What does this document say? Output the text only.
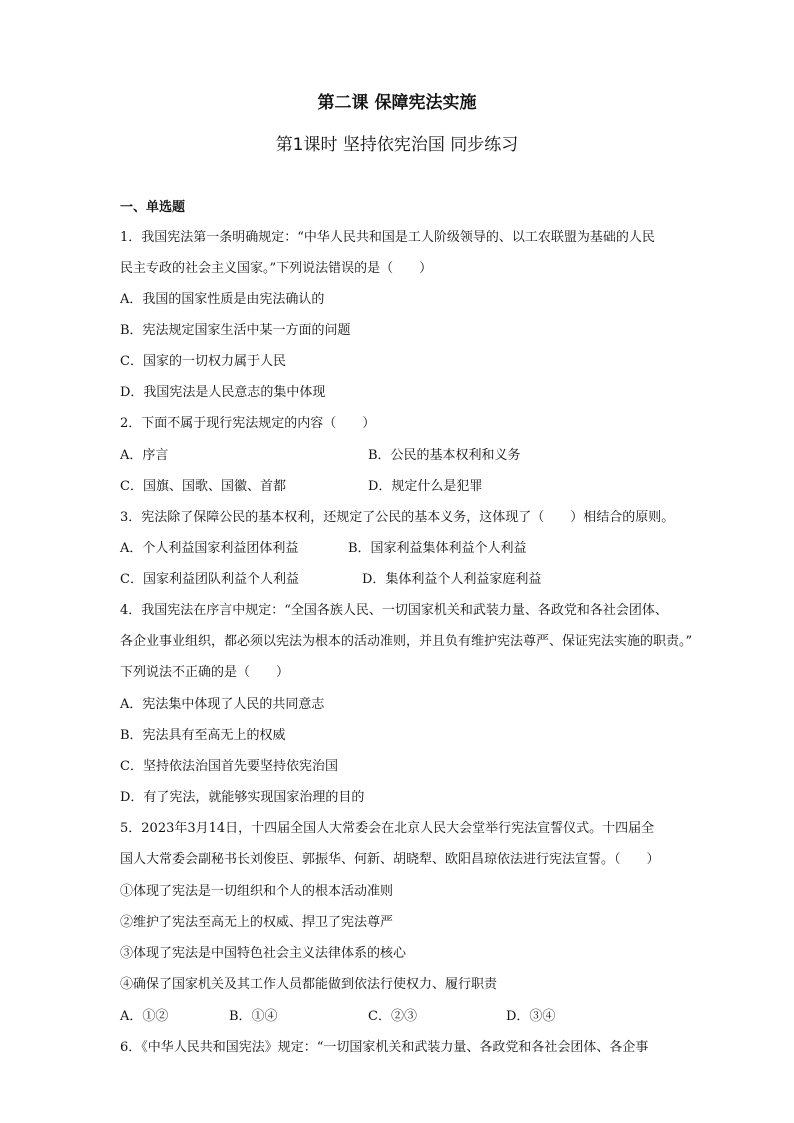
第二课 保障宪法实施
第1课时 坚持依宪治国 同步练习
一、单选题
1．我国宪法第一条明确规定：“中华人民共和国是工人阶级领导的、以工农联盟为基础的人民
民主专政的社会主义国家。”下列说法错误的是（　　）
A．我国的国家性质是由宪法确认的
B．宪法规定国家生活中某一方面的问题
C．国家的一切权力属于人民
D．我国宪法是人民意志的集中体现
2．下面不属于现行宪法规定的内容（　　）
A．序言	B．公民的基本权利和义务
C．国旗、国歌、国徽、首都	D．规定什么是犯罪
3．宪法除了保障公民的基本权利，还规定了公民的基本义务，这体现了（　　）相结合的原则。
A．个人利益国家利益团体利益	B．国家利益集体利益个人利益
C．国家利益团队利益个人利益	D．集体利益个人利益家庭利益
4．我国宪法在序言中规定：“全国各族人民、一切国家机关和武装力量、各政党和各社会团体、
各企业事业组织，都必须以宪法为根本的活动准则，并且负有维护宪法尊严、保证宪法实施的职责。”
下列说法不正确的是（　　）
A．宪法集中体现了人民的共同意志
B．宪法具有至高无上的权威
C．坚持依法治国首先要坚持依宪治国
D．有了宪法，就能够实现国家治理的目的
5．2023年3月14日，十四届全国人大常委会在北京人民大会堂举行宪法宣誓仪式。十四届全
国人大常委会副秘书长刘俊臣、郭振华、何新、胡晓犁、欧阳昌琼依法进行宪法宣誓。（　　）
①体现了宪法是一切组织和个人的根本活动准则
②维护了宪法至高无上的权威、捍卫了宪法尊严
③体现了宪法是中国特色社会主义法律体系的核心
④确保了国家机关及其工作人员都能做到依法行使权力、履行职责
A．①②	B．①④	C．②③	D．③④
6．《中华人民共和国宪法》规定：“一切国家机关和武装力量、各政党和各社会团体、各企事
